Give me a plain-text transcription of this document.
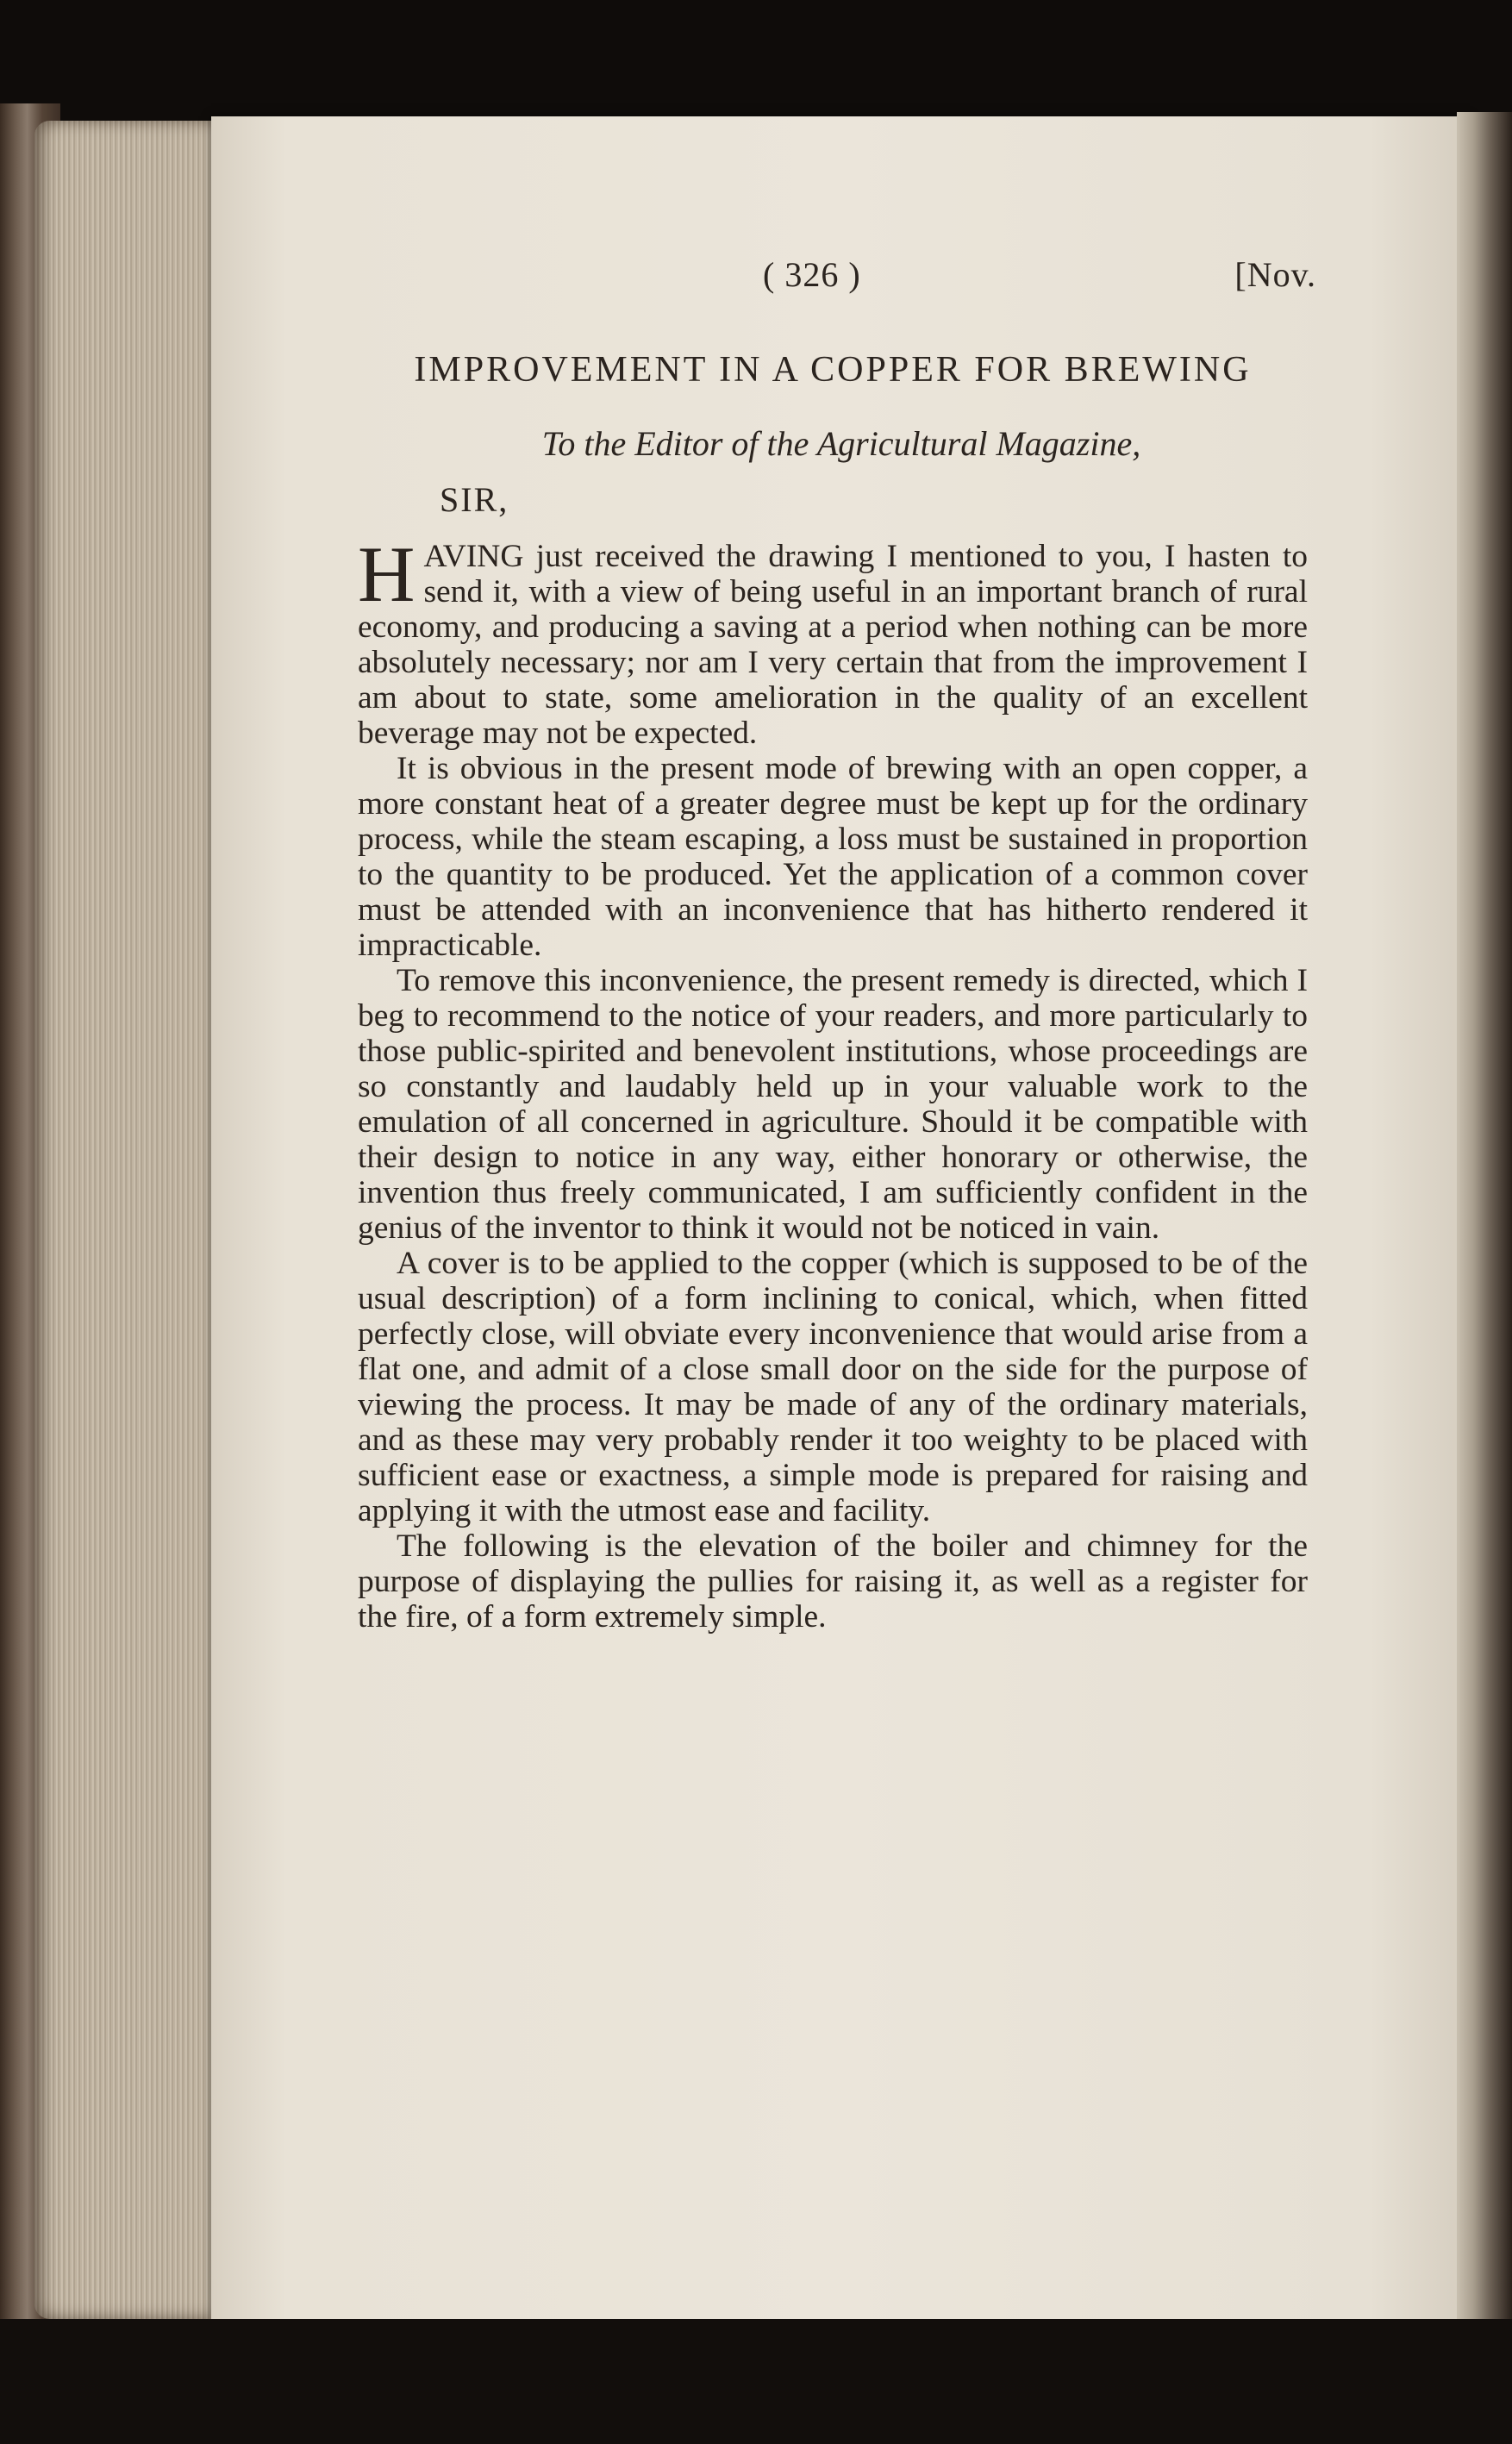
( 326 )	[Nov.
IMPROVEMENT IN A COPPER FOR BREWING
To the Editor of the Agricultural Magazine,
SIR,

HAVING just received the drawing I mentioned to you, I hasten to send it, with a view of being useful in an important branch of rural economy, and producing a saving at a period when nothing can be more absolutely necessary; nor am I very certain that from the improvement I am about to state, some amelioration in the quality of an excellent beverage may not be expected.

It is obvious in the present mode of brewing with an open copper, a more constant heat of a greater degree must be kept up for the ordinary process, while the steam escaping, a loss must be sustained in proportion to the quantity to be produced. Yet the application of a common cover must be attended with an inconvenience that has hitherto rendered it impracticable.

To remove this inconvenience, the present remedy is directed, which I beg to recommend to the notice of your readers, and more particularly to those public-spirited and benevolent institutions, whose proceedings are so constantly and laudably held up in your valuable work to the emulation of all concerned in agriculture. Should it be compatible with their design to notice in any way, either honorary or otherwise, the invention thus freely communicated, I am sufficiently confident in the genius of the inventor to think it would not be noticed in vain.

A cover is to be applied to the copper (which is supposed to be of the usual description) of a form inclining to conical, which, when fitted perfectly close, will obviate every inconvenience that would arise from a flat one, and admit of a close small door on the side for the purpose of viewing the process. It may be made of any of the ordinary materials, and as these may very probably render it too weighty to be placed with sufficient ease or exactness, a simple mode is prepared for raising and applying it with the utmost ease and facility.

The following is the elevation of the boiler and chimney for the purpose of displaying the pullies for raising it, as well as a register for the fire, of a form extremely simple.
